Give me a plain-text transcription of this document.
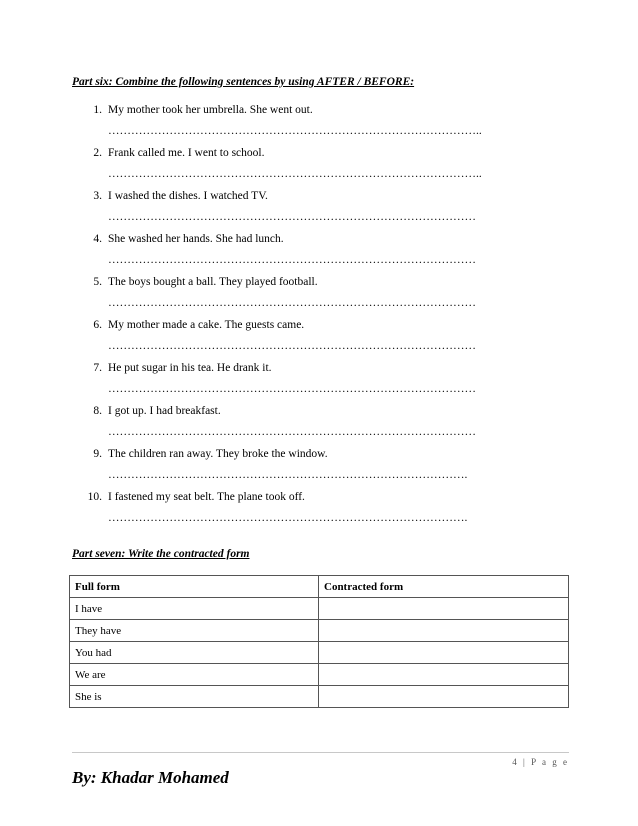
Part six: Combine the following sentences by using AFTER / BEFORE:
1. My mother took her umbrella. She went out.
……………………………………………………………………………………..
2. Frank called me. I went to school.
……………………………………………………………………………………..
3. I washed the dishes. I watched TV.
……………………………………………………………………………………
4. She washed her hands. She had lunch.
……………………………………………………………………………………
5. The boys bought a ball. They played football.
……………………………………………………………………………………
6. My mother made a cake. The guests came.
……………………………………………………………………………………
7. He put sugar in his tea. He drank it.
……………………………………………………………………………………
8. I got up. I had breakfast.
……………………………………………………………………………………
9. The children ran away. They broke the window.
………………………………………………………………………………….
10. I fastened my seat belt. The plane took off.
………………………………………………………………………………….
Part seven: Write the contracted form
Full form	Contracted form
I have	
They have	
You had	
We are	
She is	
4 | P a g e
By: Khadar Mohamed
